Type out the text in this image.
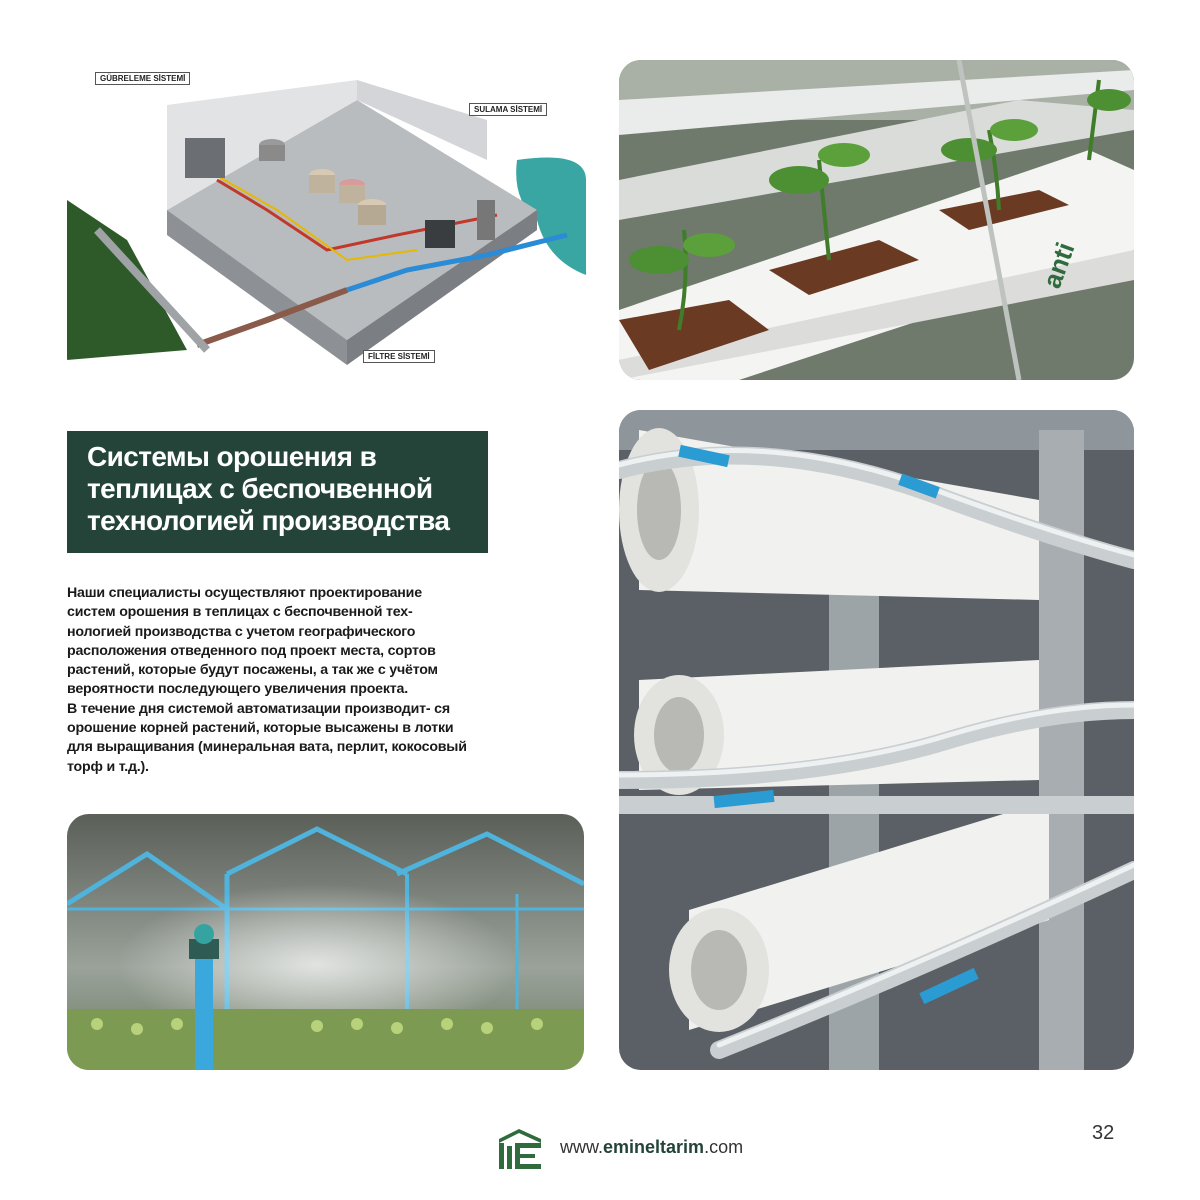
GÜBRELEME SİSTEMİ
SULAMA SİSTEMİ
FİLTRE SİSTEMİ
anti
Системы орошения в
теплицах с беспочвенной
технологией производства

Наши специалисты осуществляют проектирование

систем орошения в теплицах с беспочвенной тех-

нологией производства с учетом географического

расположения отведенного под проект места, сортов

растений, которые будут посажены, а так же с учётом

вероятности последующего увеличения проекта.

В течение дня системой автоматизации производит- ся

орошение корней растений, которые высажены в лотки

для выращивания (минеральная вата, перлит, кокосовый

торф и т.д.).

www.emineltarim.com
32
